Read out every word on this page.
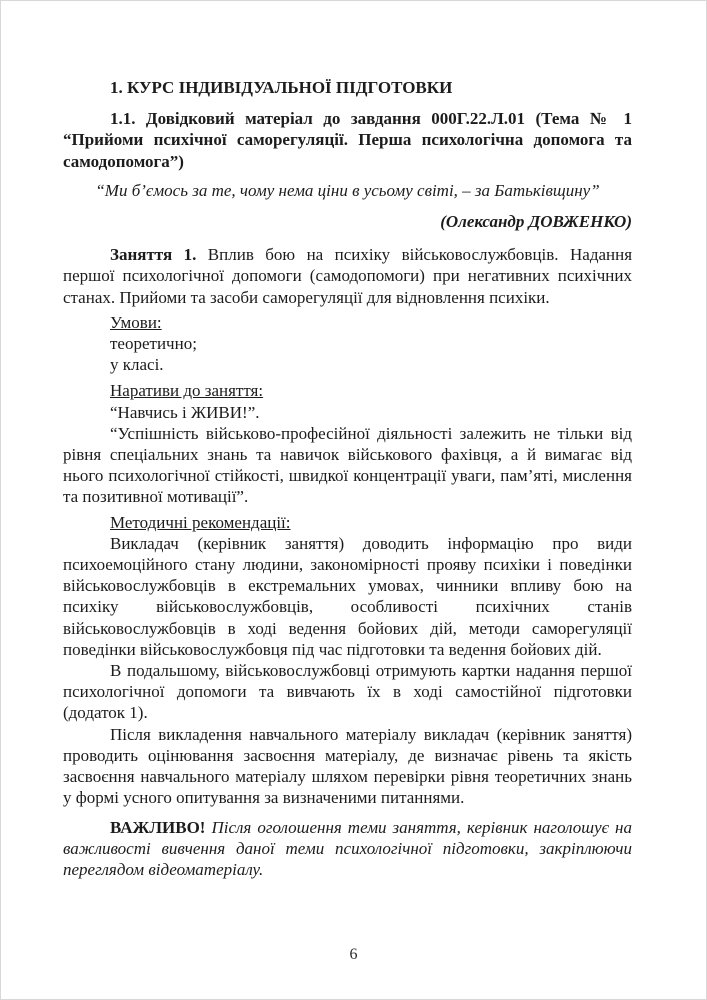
1. КУРС ІНДИВІДУАЛЬНОЇ ПІДГОТОВКИ

1.1. Довідковий матеріал до завдання 000Г.22.Л.01 (Тема № 1 “Прийоми психічної саморегуляції. Перша психологічна допомога та самодопомога”)

“Ми б’ємось за те, чому нема ціни в усьому світі, – за Батьківщину”

(Олександр ДОВЖЕНКО)

Заняття 1. Вплив бою на психіку військовослужбовців. Надання першої психологічної допомоги (самодопомоги) при негативних психічних станах. Прийоми та засоби саморегуляції для відновлення психіки.

Умови:

теоретично;

у класі.

Наративи до заняття:

“Навчись і ЖИВИ!”.

“Успішність військово-професійної діяльності залежить не тільки від рівня спеціальних знань та навичок військового фахівця, а й вимагає від нього психологічної стійкості, швидкої концентрації уваги, пам’яті, мислення та позитивної мотивації”.

Методичні рекомендації:

Викладач (керівник заняття) доводить інформацію про види психоемоційного стану людини, закономірності прояву психіки і поведінки військовослужбовців в екстремальних умовах, чинники впливу бою на психіку військовослужбовців, особливості психічних станів військовослужбовців в ході ведення бойових дій, методи саморегуляції поведінки військовослужбовця під час підготовки та ведення бойових дій.

В подальшому, військовослужбовці отримують картки надання першої психологічної допомоги та вивчають їх в ході самостійної підготовки (додаток 1).

Після викладення навчального матеріалу викладач (керівник заняття) проводить оцінювання засвоєння матеріалу, де визначає рівень та якість засвоєння навчального матеріалу шляхом перевірки рівня теоретичних знань у формі усного опитування за визначеними питаннями.

ВАЖЛИВО! Після оголошення теми заняття, керівник наголошує на важливості вивчення даної теми психологічної підготовки, закріплюючи переглядом відеоматеріалу.

6
